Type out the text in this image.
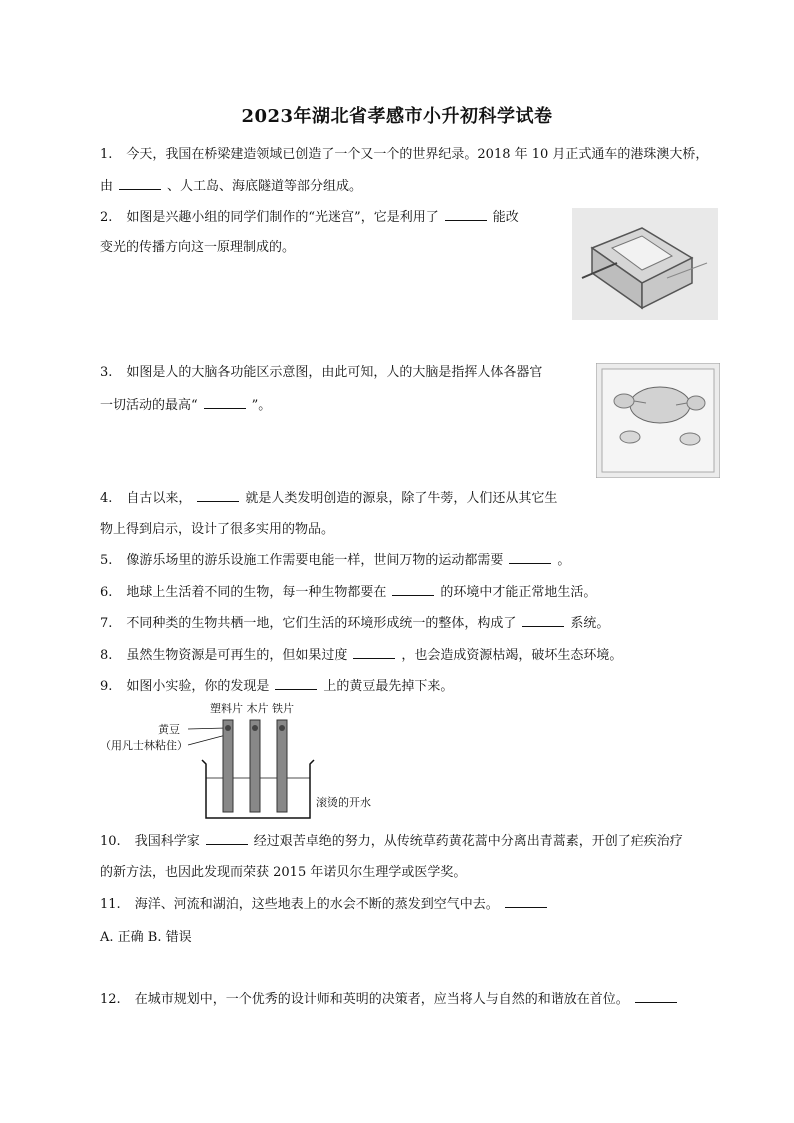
2023年湖北省孝感市小升初科学试卷
1. 今天，我国在桥梁建造领域已创造了一个又一个的世界纪录。2018 年 10 月正式通车的港珠澳大桥，
由	、人工岛、海底隧道等部分组成。
2. 如图是兴趣小组的同学们制作的“光迷宫”，它是利用了	能改
变光的传播方向这一原理制成的。
3. 如图是人的大脑各功能区示意图，由此可知，人的大脑是指挥人体各器官
一切活动的最高“	”。
4. 自古以来，	就是人类发明创造的源泉，除了牛蒡，人们还从其它生
物上得到启示，设计了很多实用的物品。
5. 像游乐场里的游乐设施工作需要电能一样，世间万物的运动都需要	。
6. 地球上生活着不同的生物，每一种生物都要在	的环境中才能正常地生活。
7. 不同种类的生物共栖一地，它们生活的环境形成统一的整体，构成了	系统。
8. 虽然生物资源是可再生的，但如果过度	，也会造成资源枯竭，破坏生态环境。
9. 如图小实验，你的发现是	上的黄豆最先掉下来。
塑料片 木片 铁片
黄豆
（用凡士林粘住）
滚烫的开水
10. 我国科学家	经过艰苦卓绝的努力，从传统草药黄花蒿中分离出青蒿素，开创了疟疾治疗
的新方法，也因此发现而荣获 2015 年诺贝尔生理学或医学奖。
11. 海洋、河流和湖泊，这些地表上的水会不断的蒸发到空气中去。
A. 正确 B. 错误
12. 在城市规划中，一个优秀的设计师和英明的决策者，应当将人与自然的和谐放在首位。
